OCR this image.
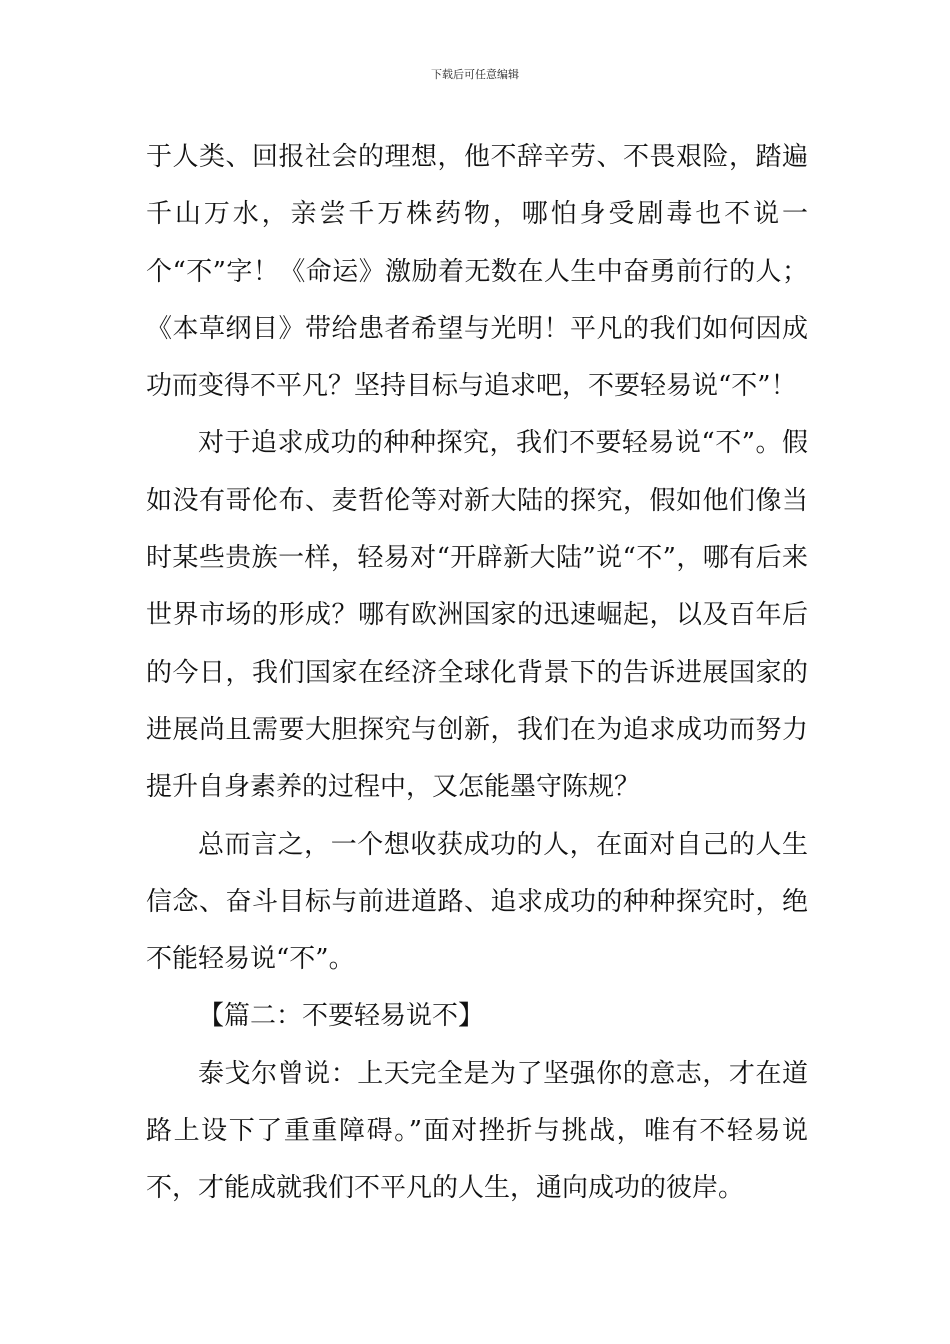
下载后可任意编辑

于人类、回报社会的理想，他不辞辛劳、不畏艰险，踏遍千山万水，亲尝千万株药物，哪怕身受剧毒也不说一个“不”字！《命运》激励着无数在人生中奋勇前行的人；《本草纲目》带给患者希望与光明！平凡的我们如何因成功而变得不平凡？坚持目标与追求吧，不要轻易说“不”！

对于追求成功的种种探究，我们不要轻易说“不”。假如没有哥伦布、麦哲伦等对新大陆的探究，假如他们像当时某些贵族一样，轻易对“开辟新大陆”说“不”，哪有后来世界市场的形成？哪有欧洲国家的迅速崛起，以及百年后的今日，我们国家在经济全球化背景下的告诉进展国家的进展尚且需要大胆探究与创新，我们在为追求成功而努力提升自身素养的过程中，又怎能墨守陈规？

总而言之，一个想收获成功的人，在面对自己的人生信念、奋斗目标与前进道路、追求成功的种种探究时，绝不能轻易说“不”。

【篇二：不要轻易说不】

泰戈尔曾说：上天完全是为了坚强你的意志，才在道路上设下了重重障碍。”面对挫折与挑战，唯有不轻易说不，才能成就我们不平凡的人生，通向成功的彼岸。
